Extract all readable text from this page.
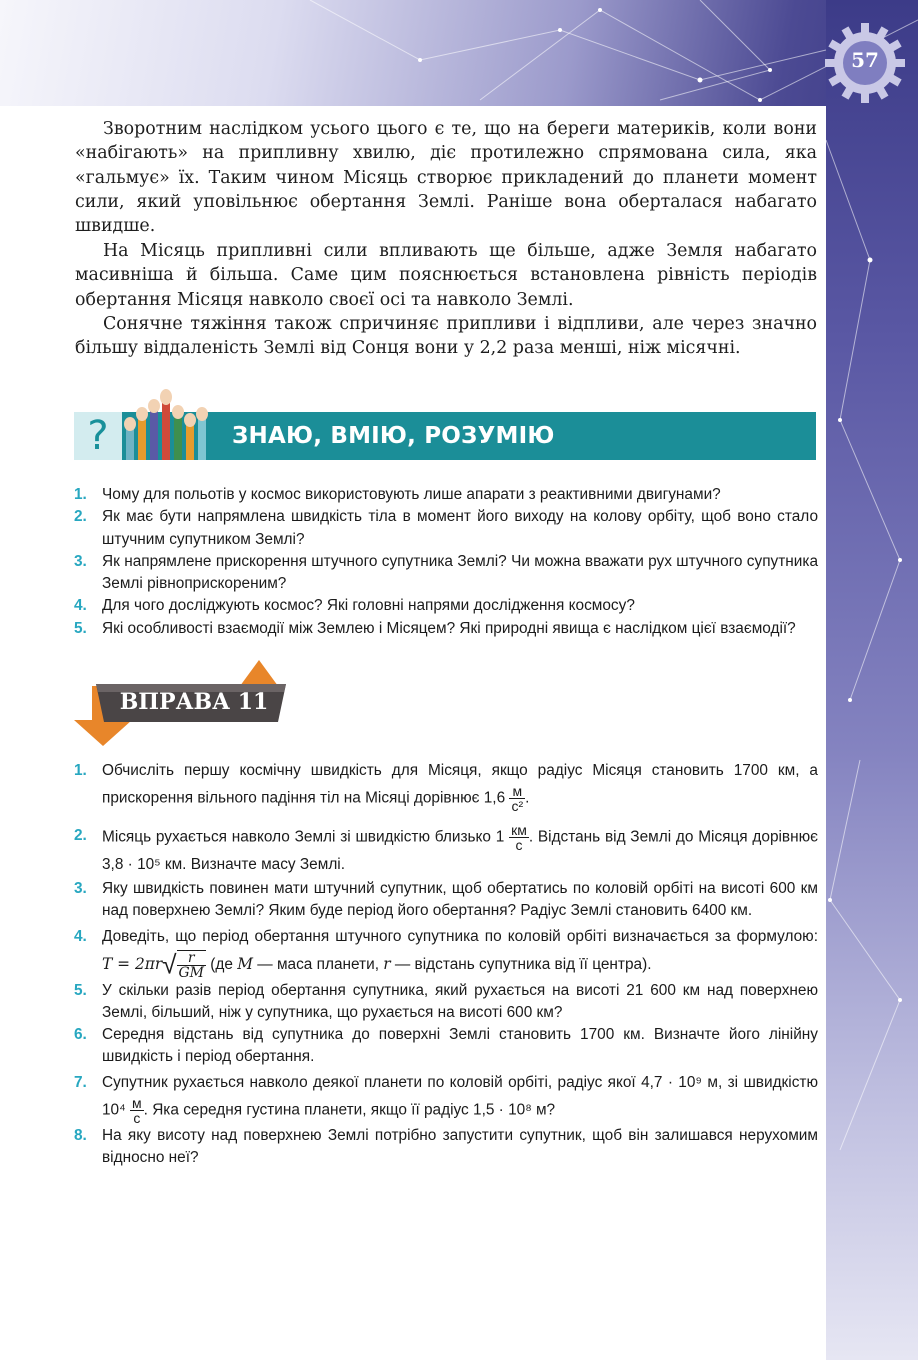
57

Зворотним наслідком усього цього є те, що на береги материків, коли вони «набігають» на припливну хвилю, діє протилежно спрямована сила, яка «гальмує» їх. Таким чином Місяць створює прикладений до планети момент сили, який уповільнює обертання Землі. Раніше вона оберталася набагато швидше.

На Місяць припливні сили впливають ще більше, адже Земля набагато масивніша й більша. Саме цим пояснюється встановлена рівність періодів обертання Місяця навколо своєї осі та навколо Землі.

Сонячне тяжіння також спричиняє припливи і відпливи, але через значно більшу віддаленість Землі від Сонця вони у 2,2 раза менші, ніж місячні.

?	ЗНАЮ, ВМІЮ, РОЗУМІЮ
1. Чому для польотів у космос використовують лише апарати з реактивними двигунами?
2. Як має бути напрямлена швидкість тіла в момент його виходу на колову орбіту, щоб воно стало штучним супутником Землі?
3. Як напрямлене прискорення штучного супутника Землі? Чи можна вважати рух штучного супутника Землі рівноприскореним?
4. Для чого досліджують космос? Які головні напрями дослідження космосу?
5. Які особливості взаємодії між Землею і Місяцем? Які природні явища є наслідком цієї взаємодії?
ВПРАВА 11
1. Обчисліть першу космічну швидкість для Місяця, якщо радіус Місяця становить 1700 км, а прискорення вільного падіння тіл на Місяці дорівнює $1,6 \frac{м}{\text{с²}}$ .
2. Місяць рухається навколо Землі зі швидкістю близько $1 \frac{км}{с}$ . Відстань від Землі до Місяця дорівнює 3,8 · 10⁵ км. Визначте масу Землі.
3. Яку швидкість повинен мати штучний супутник, щоб обертатись по коловій орбіті на висоті 600 км над поверхнею Землі? Яким буде період його обертання? Радіус Землі становить 6400 км.
4. Доведіть, що період обертання штучного супутника по коловій орбіті визначається за формулою: $T = 2\pi r√ \frac{r}{GM} (де$ M — маса планети, r — відстань супутника від її центра).
5. У скільки разів період обертання супутника, який рухається на висоті 21 600 км над поверхнею Землі, більший, ніж у супутника, що рухається на висоті 600 км?
6. Середня відстань від супутника до поверхні Землі становить 1700 км. Визначте його лінійну швидкість і період обертання.
7. Супутник рухається навколо деякої планети по коловій орбіті, радіус якої 4,7 · 10⁹ м, зі швидкістю $10^4 \frac{м}{с}$ . Яка середня густина планети, якщо її радіус 1,5 · 10⁸ м?
8. На яку висоту над поверхнею Землі потрібно запустити супутник, щоб він залишався нерухомим відносно неї?
